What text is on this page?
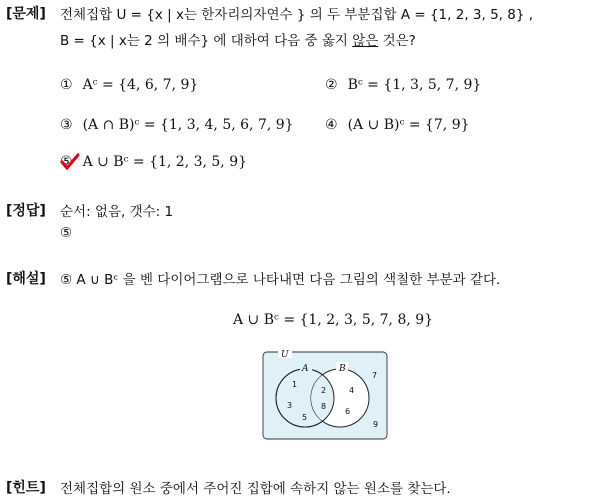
[문제] 전체집합 U = {x | x는 한자리의자연수 } 의 두 부분집합 A = {1, 2, 3, 5, 8} ,
B = {x | x는 2 의 배수} 에 대하여 다음 중 옳지 않은 것은?
① Aᶜ = {4, 6, 7, 9}	② Bᶜ = {1, 3, 5, 7, 9}
③ (A ∩ B)ᶜ = {1, 3, 4, 5, 6, 7, 9} ④ (A ∪ B)ᶜ = {7, 9}
⑤ A ∪ Bᶜ = {1, 2, 3, 5, 9}
[정답] 순서: 없음, 갯수: 1
⑤
[해설] ⑤ A ∪ Bᶜ 을 벤 다이어그램으로 나타내면 다음 그림의 색칠한 부분과 같다.
A ∪ Bᶜ = {1, 2, 3, 5, 7, 8, 9}
U
A	B
1
2
3
4
5
6
7
8
9
[힌트] 전체집합의 원소 중에서 주어진 집합에 속하지 않는 원소를 찾는다.
